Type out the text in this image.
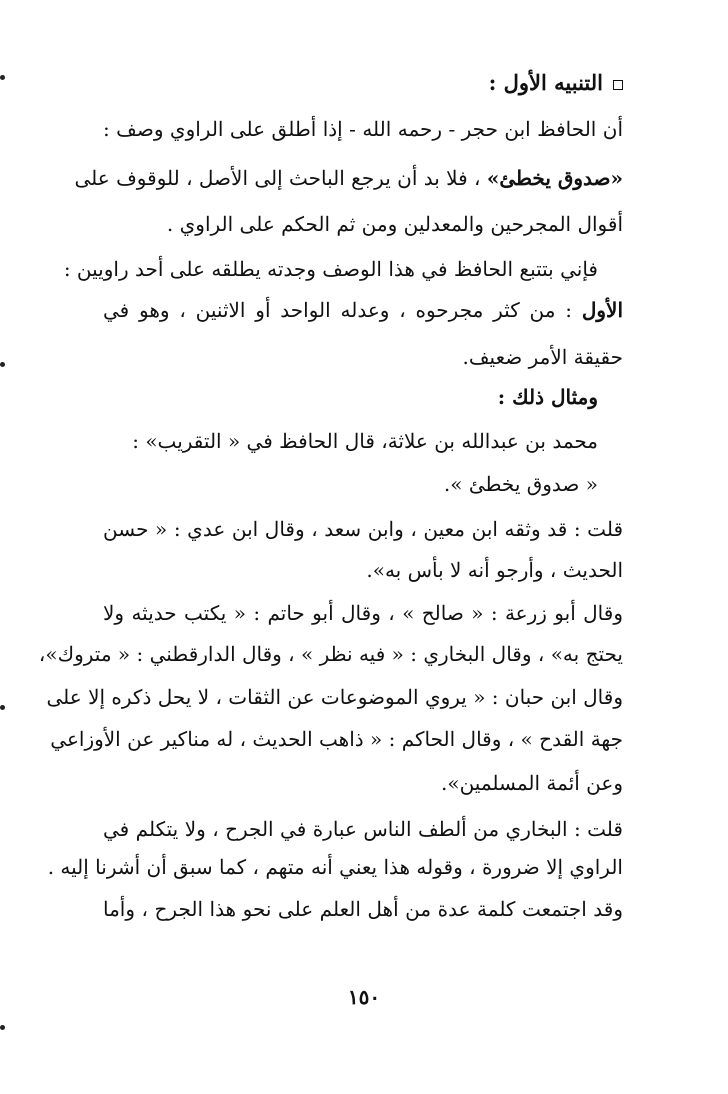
التنبيه الأول :
أن الحافظ ابن حجر - رحمه الله - إذا أطلق على الراوي وصف :
«صدوق يخطئ» ، فلا بد أن يرجع الباحث إلى الأصل ، للوقوف على
أقوال المجرحين والمعدلين ومن ثم الحكم على الراوي .
فإني بتتبع الحافظ في هذا الوصف وجدته يطلقه على أحد راويين :
الأول : من كثر مجرحوه ، وعدله الواحد أو الاثنين ، وهو في
حقيقة الأمر ضعيف.
ومثال ذلك :
محمد بن عبدالله بن علاثة، قال الحافظ في « التقريب» :
« صدوق يخطئ ».
قلت : قد وثقه ابن معين ، وابن سعد ، وقال ابن عدي : « حسن
الحديث ، وأرجو أنه لا بأس به».
وقال أبو زرعة : « صالح » ، وقال أبو حاتم : « يكتب حديثه ولا
يحتج به» ، وقال البخاري : « فيه نظر » ، وقال الدارقطني : « متروك»،
وقال ابن حبان : « يروي الموضوعات عن الثقات ، لا يحل ذكره إلا على
جهة القدح » ، وقال الحاكم : « ذاهب الحديث ، له مناكير عن الأوزاعي
وعن أئمة المسلمين».
قلت : البخاري من ألطف الناس عبارة في الجرح ، ولا يتكلم في
الراوي إلا ضرورة ، وقوله هذا يعني أنه متهم ، كما سبق أن أشرنا إليه .
وقد اجتمعت كلمة عدة من أهل العلم على نحو هذا الجرح ، وأما
١٥٠
